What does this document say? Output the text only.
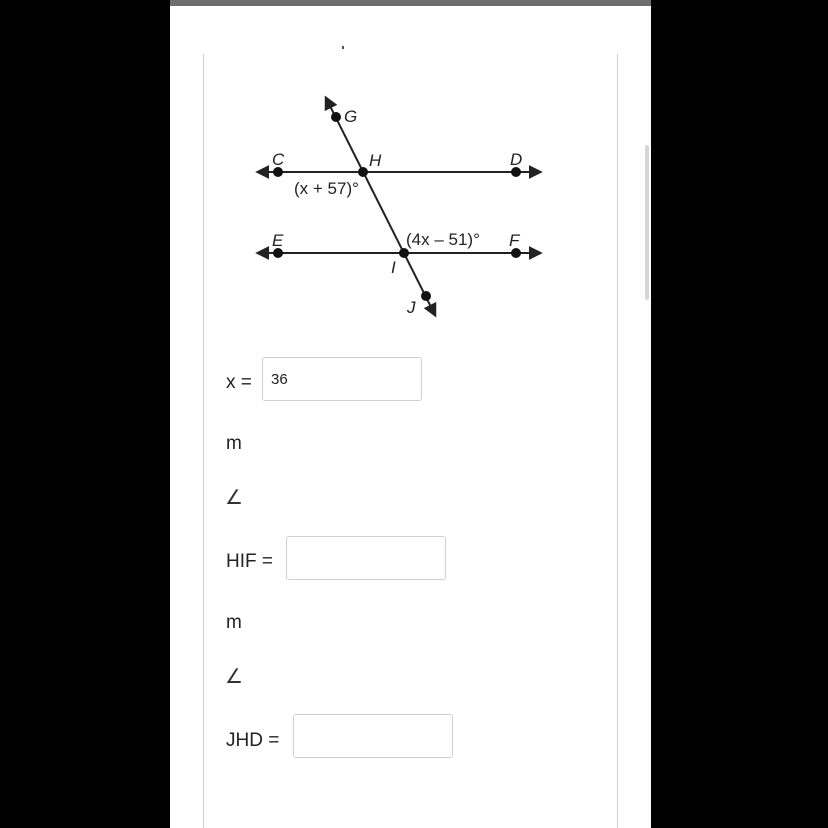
G
C	H	D
E
I
F
J
(x + 57)°
(4x – 51)°
x =
36
m
∠
HIF =
m
∠
JHD =
